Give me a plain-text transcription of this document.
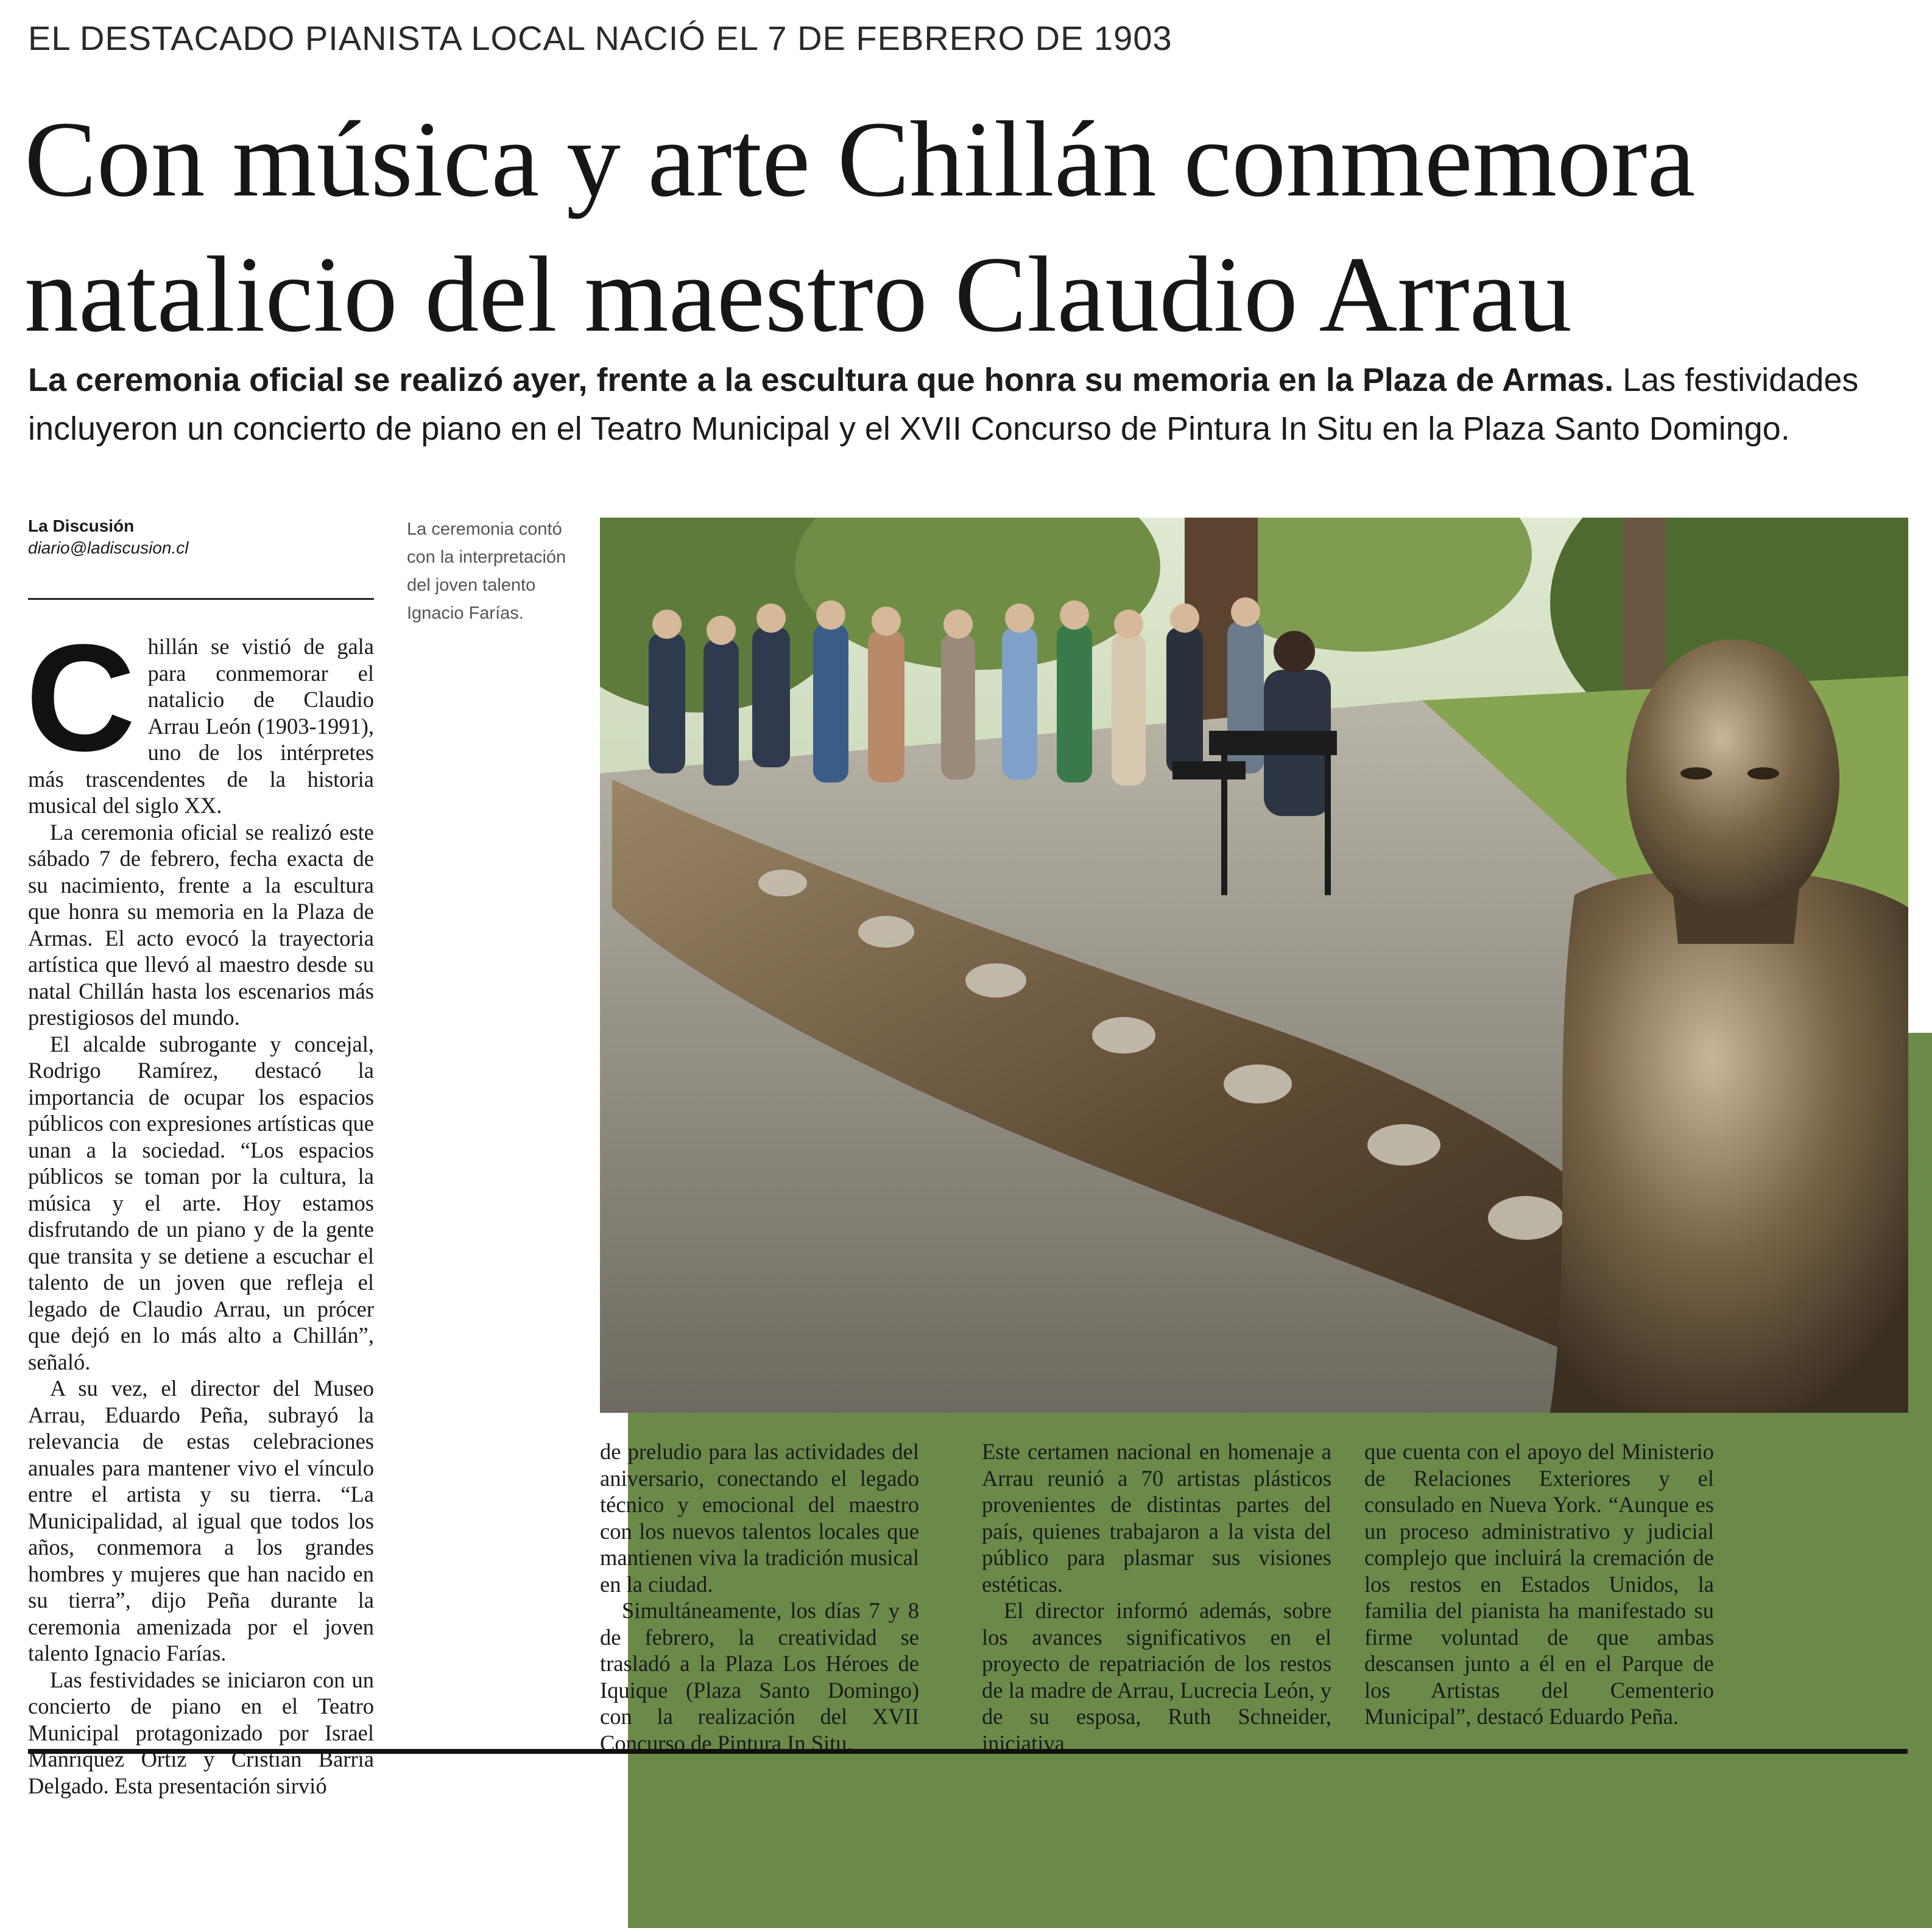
EL DESTACADO PIANISTA LOCAL NACIÓ EL 7 DE FEBRERO DE 1903
Con música y arte Chillán conmemora
natalicio del maestro Claudio Arrau
La ceremonia oficial se realizó ayer, frente a la escultura que honra su memoria en la Plaza de Armas. Las festividades incluyeron un concierto de piano en el Teatro Municipal y el XVII Concurso de Pintura In Situ en la Plaza Santo Domingo.
La Discusión
diario@ladiscusion.cl
La ceremonia contó con la interpretación del joven talento Ignacio Farías.

Chillán se vistió de gala para conmemorar el natalicio de Claudio Arrau León (1903-1991), uno de los intérpretes más trascendentes de la historia musical del siglo XX.

La ceremonia oficial se realizó este sábado 7 de febrero, fecha exacta de su nacimiento, frente a la escultura que honra su memoria en la Plaza de Armas. El acto evocó la trayectoria artística que llevó al maestro desde su natal Chillán hasta los escenarios más prestigiosos del mundo.

El alcalde subrogante y concejal, Rodrigo Ramírez, destacó la importancia de ocupar los espacios públicos con expresiones artísticas que unan a la sociedad. “Los espacios públicos se toman por la cultura, la música y el arte. Hoy estamos disfrutando de un piano y de la gente que transita y se detiene a escuchar el talento de un joven que refleja el legado de Claudio Arrau, un prócer que dejó en lo más alto a Chillán”, señaló.

A su vez, el director del Museo Arrau, Eduardo Peña, subrayó la relevancia de estas celebraciones anuales para mantener vivo el vínculo entre el artista y su tierra. “La Municipalidad, al igual que todos los años, conmemora a los grandes hombres y mujeres que han nacido en su tierra”, dijo Peña durante la ceremonia amenizada por el joven talento Ignacio Farías.

Las festividades se iniciaron con un concierto de piano en el Teatro Municipal protagonizado por Israel Manríquez Ortiz y Cristian Barría Delgado. Esta presentación sirvió

de preludio para las actividades del aniversario, conectando el legado técnico y emocional del maestro con los nuevos talentos locales que mantienen viva la tradición musical en la ciudad.

Simultáneamente, los días 7 y 8 de febrero, la creatividad se trasladó a la Plaza Los Héroes de Iquique (Plaza Santo Domingo) con la realización del XVII Concurso de Pintura In Situ.

Este certamen nacional en homenaje a Arrau reunió a 70 artistas plásticos provenientes de distintas partes del país, quienes trabajaron a la vista del público para plasmar sus visiones estéticas.

El director informó además, sobre los avances significativos en el proyecto de repatriación de los restos de la madre de Arrau, Lucrecia León, y de su esposa, Ruth Schneider, iniciativa

que cuenta con el apoyo del Ministerio de Relaciones Exteriores y el consulado en Nueva York. “Aunque es un proceso administrativo y judicial complejo que incluirá la cremación de los restos en Estados Unidos, la familia del pianista ha manifestado su firme voluntad de que ambas descansen junto a él en el Parque de los Artistas del Cementerio Municipal”, destacó Eduardo Peña.
